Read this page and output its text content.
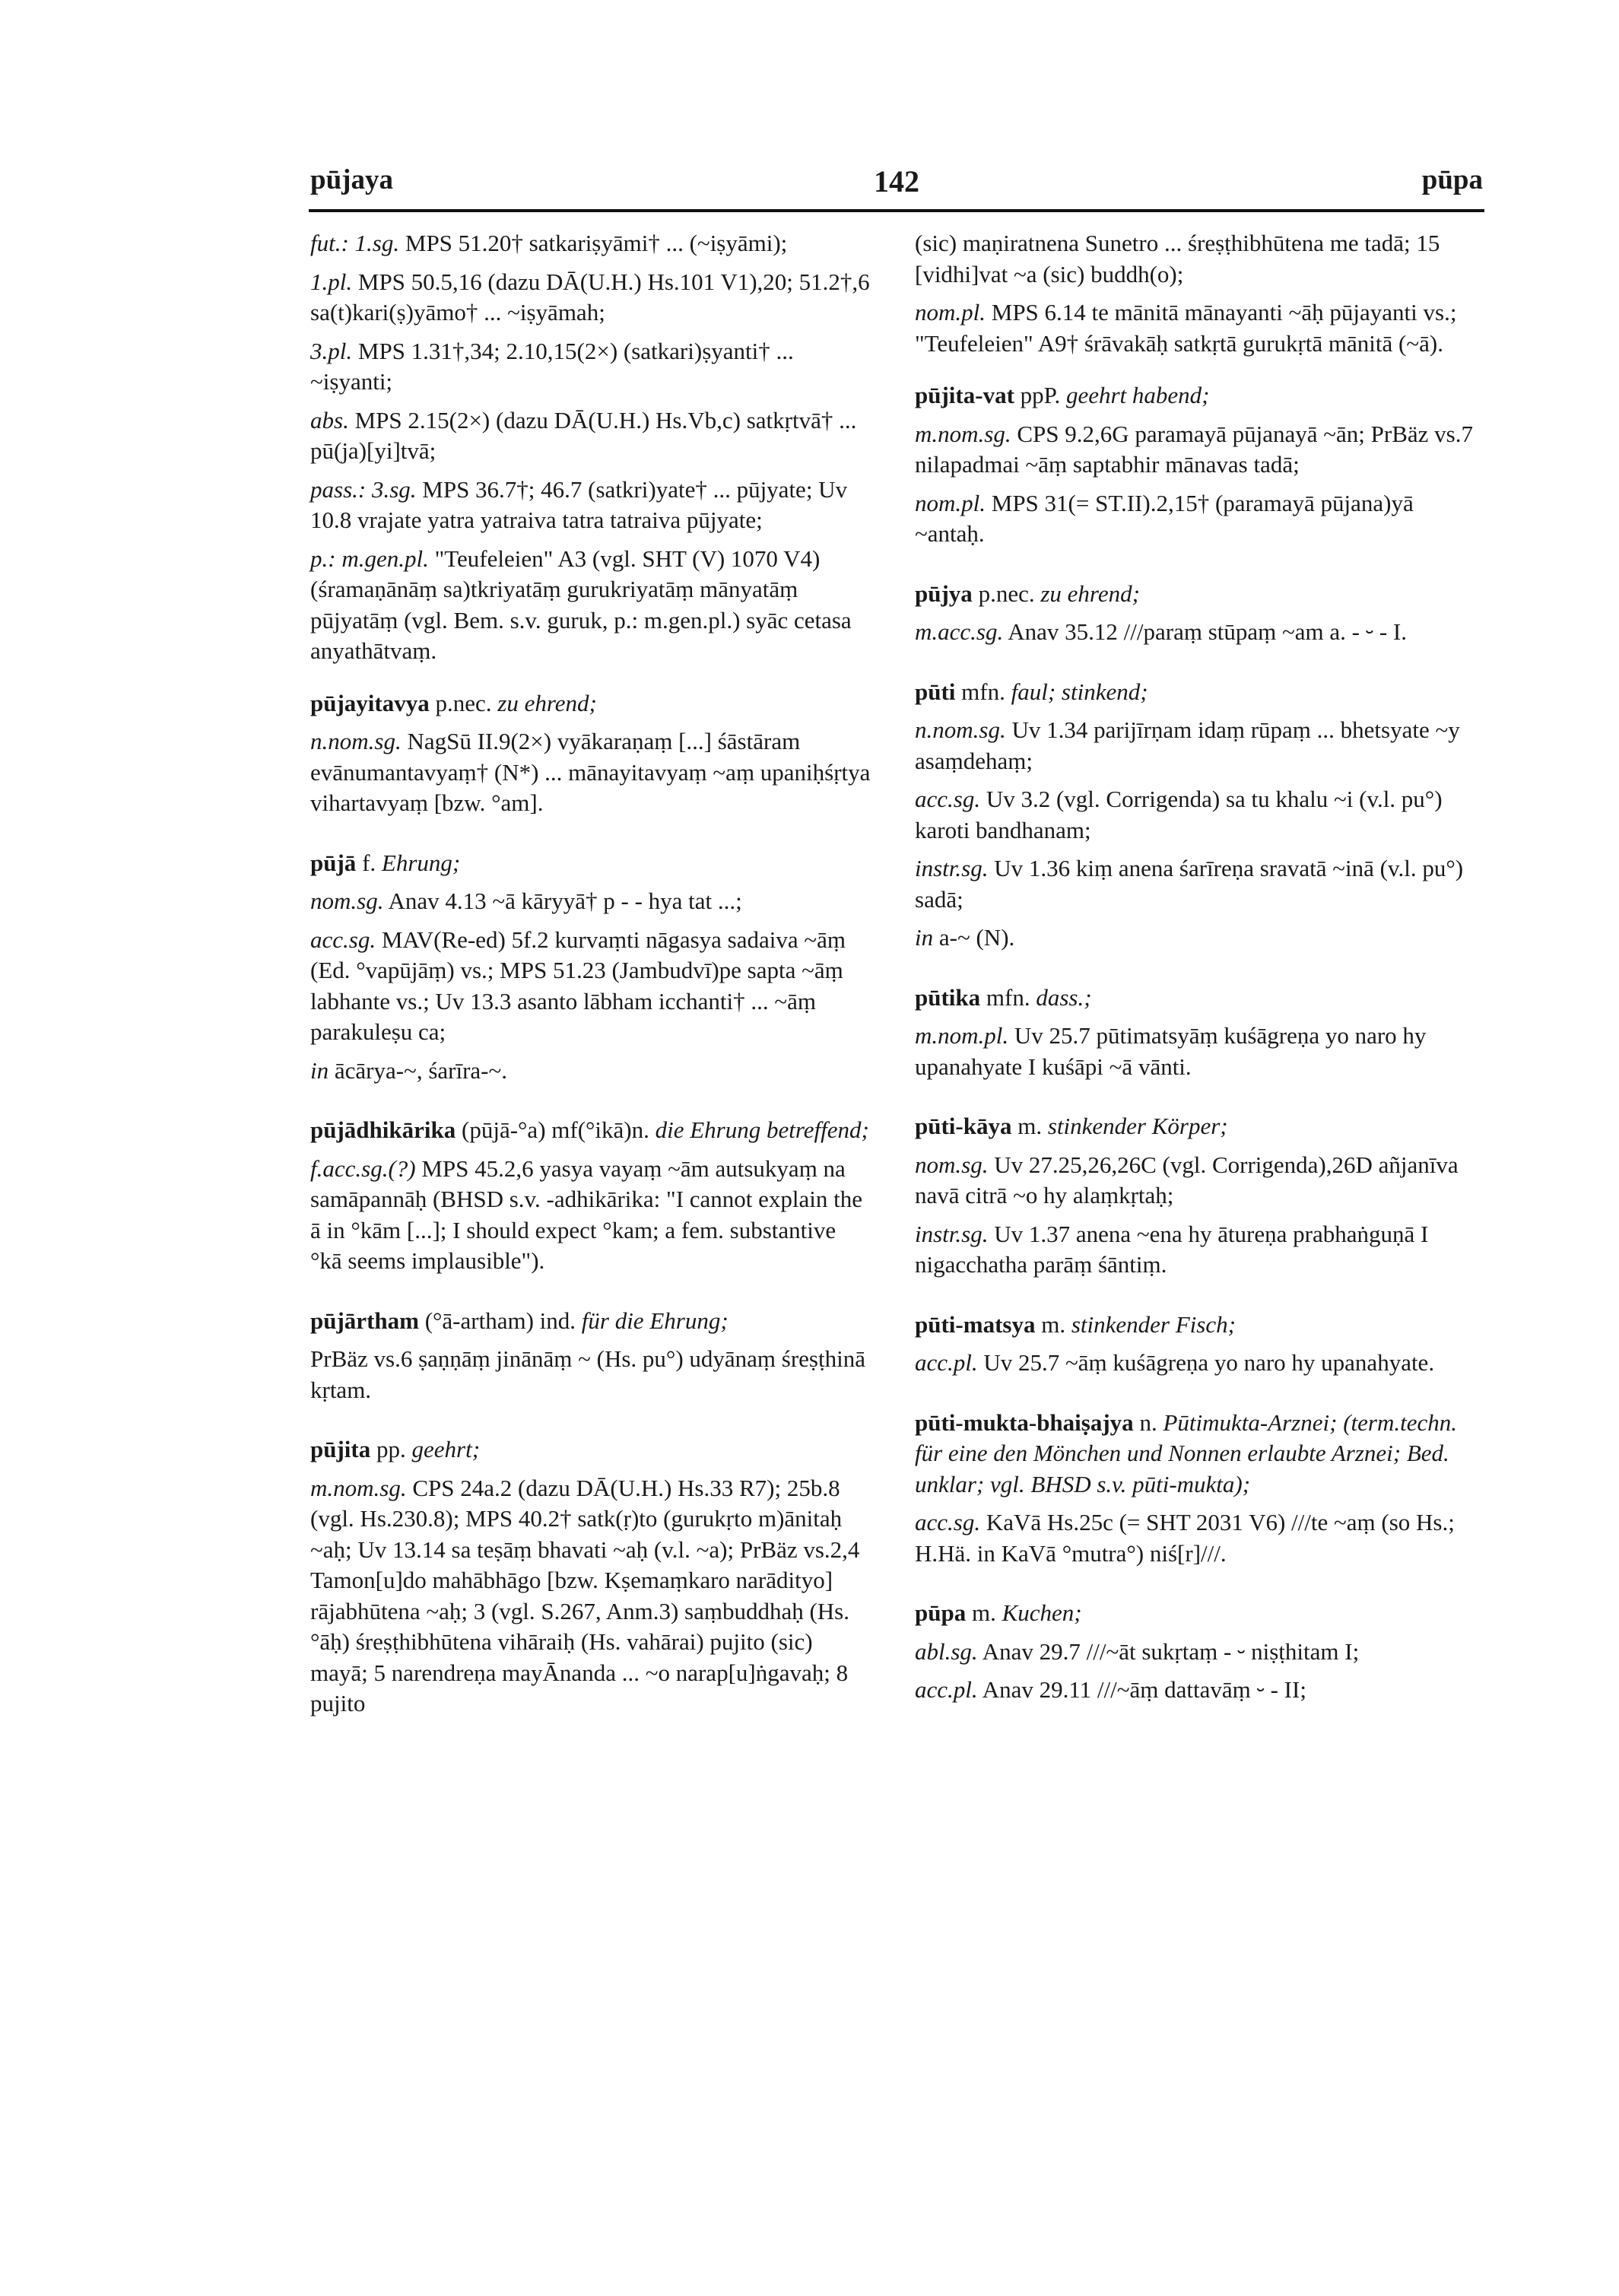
pūjaya	142	pūpa

fut.: 1.sg. MPS 51.20† satkariṣyāmi† ... (~iṣyāmi);

1.pl. MPS 50.5,16 (dazu DĀ(U.H.) Hs.101 V1),20; 51.2†,6 sa(t)kari(ṣ)yāmo† ... ~iṣyāmah;

3.pl. MPS 1.31†,34; 2.10,15(2×) (satkari)ṣyanti† ... ~iṣyanti;

abs. MPS 2.15(2×) (dazu DĀ(U.H.) Hs.Vb,c) satkṛtvā† ... pū(ja)[yi]tvā;

pass.: 3.sg. MPS 36.7†; 46.7 (satkri)yate† ... pūjyate; Uv 10.8 vrajate yatra yatraiva tatra tatraiva pūjyate;

p.: m.gen.pl. "Teufeleien" A3 (vgl. SHT (V) 1070 V4) (śramaṇānāṃ sa)tkriyatāṃ gurukriyatāṃ mānyatāṃ pūjyatāṃ (vgl. Bem. s.v. guruk, p.: m.gen.pl.) syāc cetasa anyathātvaṃ.

pūjayitavya p.nec. zu ehrend;

n.nom.sg. NagSū II.9(2×) vyākaraṇaṃ [...] śāstāram evānumantavyaṃ† (N*) ... mānayitavyaṃ ~aṃ upaniḥśṛtya vihartavyaṃ [bzw. °am].

pūjā f. Ehrung;

nom.sg. Anav 4.13 ~ā kāryyā† p - - hya tat ...;

acc.sg. MAV(Re-ed) 5f.2 kurvaṃti nāgasya sadaiva ~āṃ (Ed. °vapūjāṃ) vs.; MPS 51.23 (Jambudvī)pe sapta ~āṃ labhante vs.; Uv 13.3 asanto lābham icchanti† ... ~āṃ parakuleṣu ca;

in ācārya-~, śarīra-~.

pūjādhikārika (pūjā-°a) mf(°ikā)n. die Ehrung betreffend;

f.acc.sg.(?) MPS 45.2,6 yasya vayaṃ ~ām autsukyaṃ na samāpannāḥ (BHSD s.v. -adhikārika: "I cannot explain the ā in °kām [...]; I should expect °kam; a fem. substantive °kā seems implausible").

pūjārtham (°ā-artham) ind. für die Ehrung;

PrBäz vs.6 ṣaṇṇāṃ jinānāṃ ~ (Hs. pu°) udyānaṃ śreṣṭhinā kṛtam.

pūjita pp. geehrt;

m.nom.sg. CPS 24a.2 (dazu DĀ(U.H.) Hs.33 R7); 25b.8 (vgl. Hs.230.8); MPS 40.2† satk(ṛ)to (gurukṛto m)ānitaḥ ~aḥ; Uv 13.14 sa teṣāṃ bhavati ~aḥ (v.l. ~a); PrBäz vs.2,4 Tamon[u]do mahābhāgo [bzw. Kṣemaṃkaro narādityo] rājabhūtena ~aḥ; 3 (vgl. S.267, Anm.3) saṃbuddhaḥ (Hs. °āḥ) śreṣṭhibhūtena vihāraiḥ (Hs. vahārai) pujito (sic) mayā; 5 narendreṇa mayĀnanda ... ~o narap[u]ṅgavaḥ; 8 pujito

(sic) maṇiratnena Sunetro ... śreṣṭhibhūtena me tadā; 15 [vidhi]vat ~a (sic) buddh(o);

nom.pl. MPS 6.14 te mānitā mānayanti ~āḥ pūjayanti vs.; "Teufeleien" A9† śrāvakāḥ satkṛtā gurukṛtā mānitā (~ā).

pūjita-vat ppP. geehrt habend;

m.nom.sg. CPS 9.2,6G paramayā pūjanayā ~ān; PrBäz vs.7 nilapadmai ~āṃ saptabhir mānavas tadā;

nom.pl. MPS 31(= ST.II).2,15† (paramayā pūjana)yā ~antaḥ.

pūjya p.nec. zu ehrend;

m.acc.sg. Anav 35.12 ///paraṃ stūpaṃ ~am a. - ⏑ - I.

pūti mfn. faul; stinkend;

n.nom.sg. Uv 1.34 parijīrṇam idaṃ rūpaṃ ... bhetsyate ~y asaṃdehaṃ;

acc.sg. Uv 3.2 (vgl. Corrigenda) sa tu khalu ~i (v.l. pu°) karoti bandhanam;

instr.sg. Uv 1.36 kiṃ anena śarīreṇa sravatā ~inā (v.l. pu°) sadā;

in a-~ (N).

pūtika mfn. dass.;

m.nom.pl. Uv 25.7 pūtimatsyāṃ kuśāgreṇa yo naro hy upanahyate I kuśāpi ~ā vānti.

pūti-kāya m. stinkender Körper;

nom.sg. Uv 27.25,26,26C (vgl. Corrigenda),26D añjanīva navā citrā ~o hy alaṃkṛtaḥ;

instr.sg. Uv 1.37 anena ~ena hy ātureṇa prabhaṅguṇā I nigacchatha parāṃ śāntiṃ.

pūti-matsya m. stinkender Fisch;

acc.pl. Uv 25.7 ~āṃ kuśāgreṇa yo naro hy upanahyate.

pūti-mukta-bhaiṣajya n. Pūtimukta-Arznei; (term.techn. für eine den Mönchen und Nonnen erlaubte Arznei; Bed. unklar; vgl. BHSD s.v. pūti-mukta);

acc.sg. KaVā Hs.25c (= SHT 2031 V6) ///te ~aṃ (so Hs.; H.Hä. in KaVā °mutra°) niś[r]///.

pūpa m. Kuchen;

abl.sg. Anav 29.7 ///~āt sukṛtaṃ - ⏑ niṣṭhitam I;

acc.pl. Anav 29.11 ///~āṃ dattavāṃ ⏑ - II;
